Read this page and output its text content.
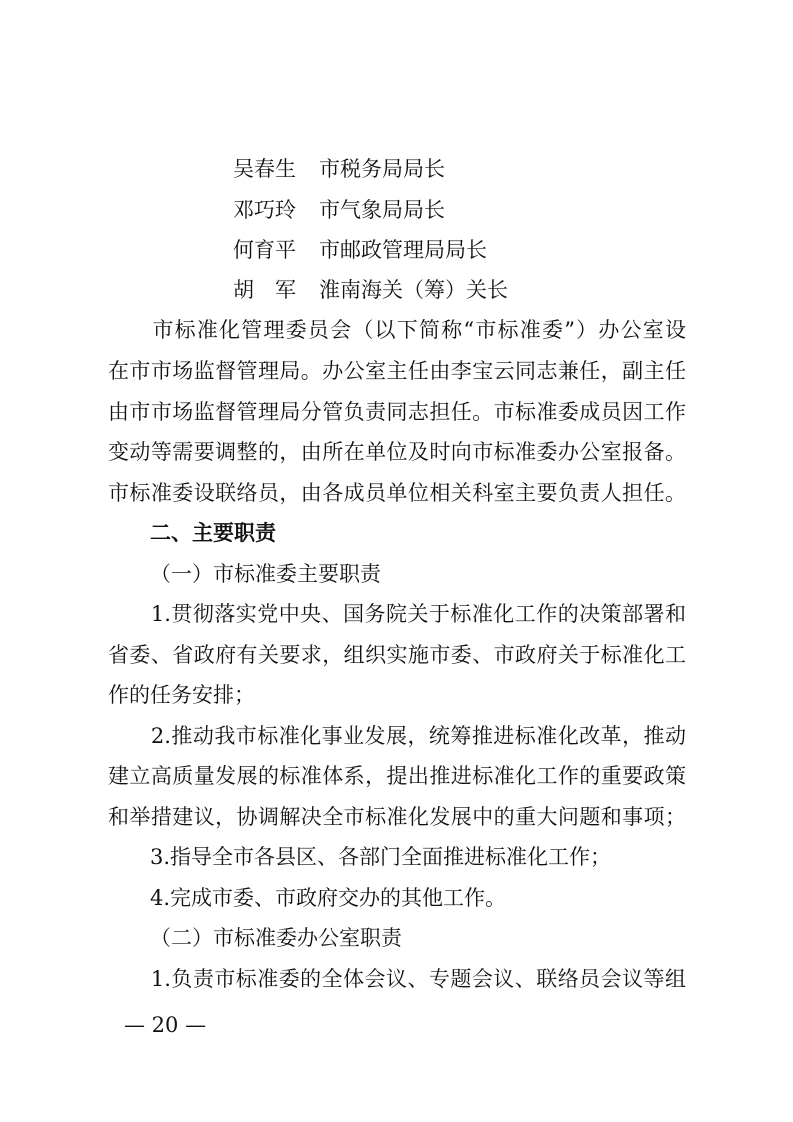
吴春生 市税务局局长
邓巧玲 市气象局局长
何育平 市邮政管理局局长
胡　军 淮南海关（筹）关长
　　市标准化管理委员会（以下简称“市标准委”）办公室设
在市市场监督管理局。办公室主任由李宝云同志兼任，副主任
由市市场监督管理局分管负责同志担任。市标准委成员因工作
变动等需要调整的，由所在单位及时向市标准委办公室报备。
市标准委设联络员，由各成员单位相关科室主要负责人担任。
二、主要职责
（一）市标准委主要职责
　　1.贯彻落实党中央、国务院关于标准化工作的决策部署和
省委、省政府有关要求，组织实施市委、市政府关于标准化工
作的任务安排；
　　2.推动我市标准化事业发展，统筹推进标准化改革，推动
建立高质量发展的标准体系，提出推进标准化工作的重要政策
和举措建议，协调解决全市标准化发展中的重大问题和事项；
　　3.指导全市各县区、各部门全面推进标准化工作；
　　4.完成市委、市政府交办的其他工作。
（二）市标准委办公室职责
　　1.负责市标准委的全体会议、专题会议、联络员会议等组
— 20 —
